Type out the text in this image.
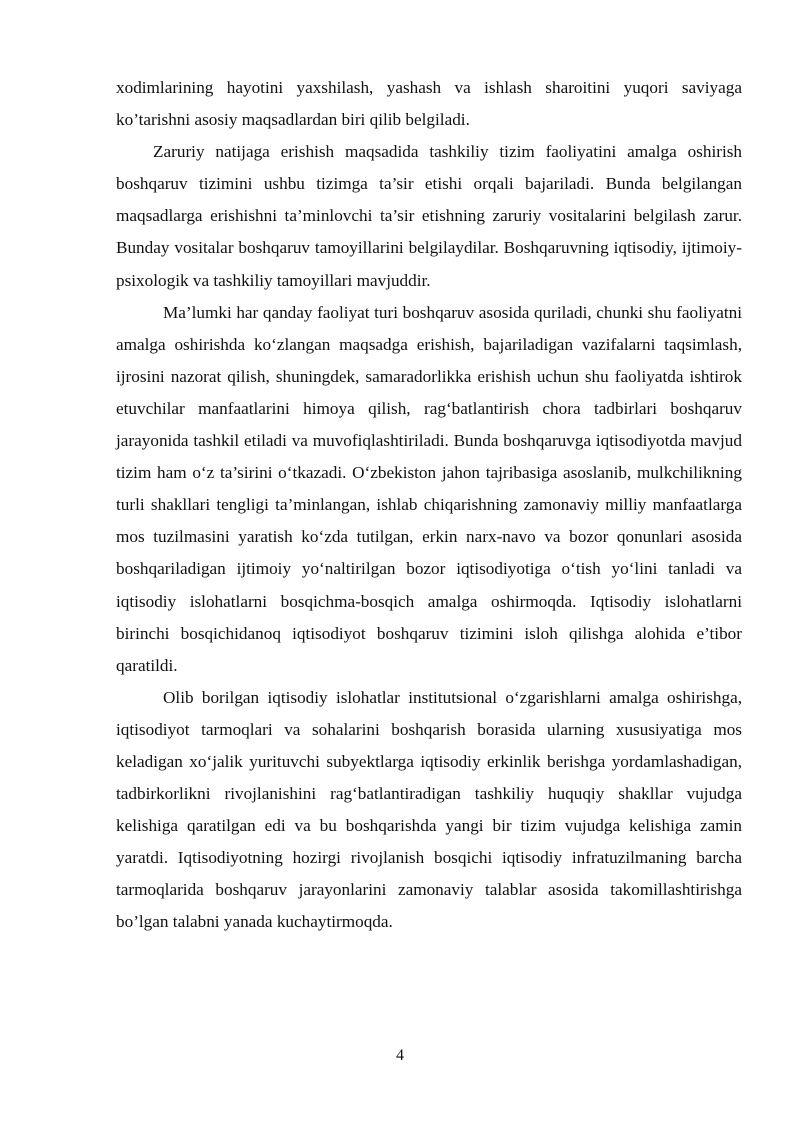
xodimlarining hayotini yaxshilash, yashash va ishlash sharoitini yuqori saviyaga ko’tarishni asosiy maqsadlardan biri qilib belgiladi.

Zaruriy natijaga erishish maqsadida tashkiliy tizim faoliyatini amalga oshirish boshqaruv tizimini ushbu tizimga ta’sir etishi orqali bajariladi. Bunda belgilangan maqsadlarga erishishni ta’minlovchi ta’sir etishning zaruriy vositalarini belgilash zarur. Bunday vositalar boshqaruv tamoyillarini belgilaydilar. Boshqaruvning iqtisodiy, ijtimoiy-psixologik va tashkiliy tamoyillari mavjuddir.

Ma’lumki har qanday faoliyat turi boshqaruv asosida quriladi, chunki shu faoliyatni amalga oshirishda ko‘zlangan maqsadga erishish, bajariladigan vazifalarni taqsimlash, ijrosini nazorat qilish, shuningdek, samaradorlikka erishish uchun shu faoliyatda ishtirok etuvchilar manfaatlarini himoya qilish, rag‘batlantirish chora tadbirlari boshqaruv jarayonida tashkil etiladi va muvofiqlashtiriladi. Bunda boshqaruvga iqtisodiyotda mavjud tizim ham o‘z ta’sirini o‘tkazadi. O‘zbekiston jahon tajribasiga asoslanib, mulkchilikning turli shakllari tengligi ta’minlangan, ishlab chiqarishning zamonaviy milliy manfaatlarga mos tuzilmasini yaratish ko‘zda tutilgan, erkin narx-navo va bozor qonunlari asosida boshqariladigan ijtimoiy yo‘naltirilgan bozor iqtisodiyotiga o‘tish yo‘lini tanladi va iqtisodiy islohatlarni bosqichma-bosqich amalga oshirmoqda. Iqtisodiy islohatlarni birinchi bosqichidanoq iqtisodiyot boshqaruv tizimini isloh qilishga alohida e’tibor qaratildi.

Olib borilgan iqtisodiy islohatlar institutsional o‘zgarishlarni amalga oshirishga, iqtisodiyot tarmoqlari va sohalarini boshqarish borasida ularning xususiyatiga mos keladigan xo‘jalik yurituvchi subyektlarga iqtisodiy erkinlik berishga yordamlashadigan, tadbirkorlikni rivojlanishini rag‘batlantiradigan tashkiliy huquqiy shakllar vujudga kelishiga qaratilgan edi va bu boshqarishda yangi bir tizim vujudga kelishiga zamin yaratdi. Iqtisodiyotning hozirgi rivojlanish bosqichi iqtisodiy infratuzilmaning barcha tarmoqlarida boshqaruv jarayonlarini zamonaviy talablar asosida takomillashtirishga bo’lgan talabni yanada kuchaytirmoqda.

4
